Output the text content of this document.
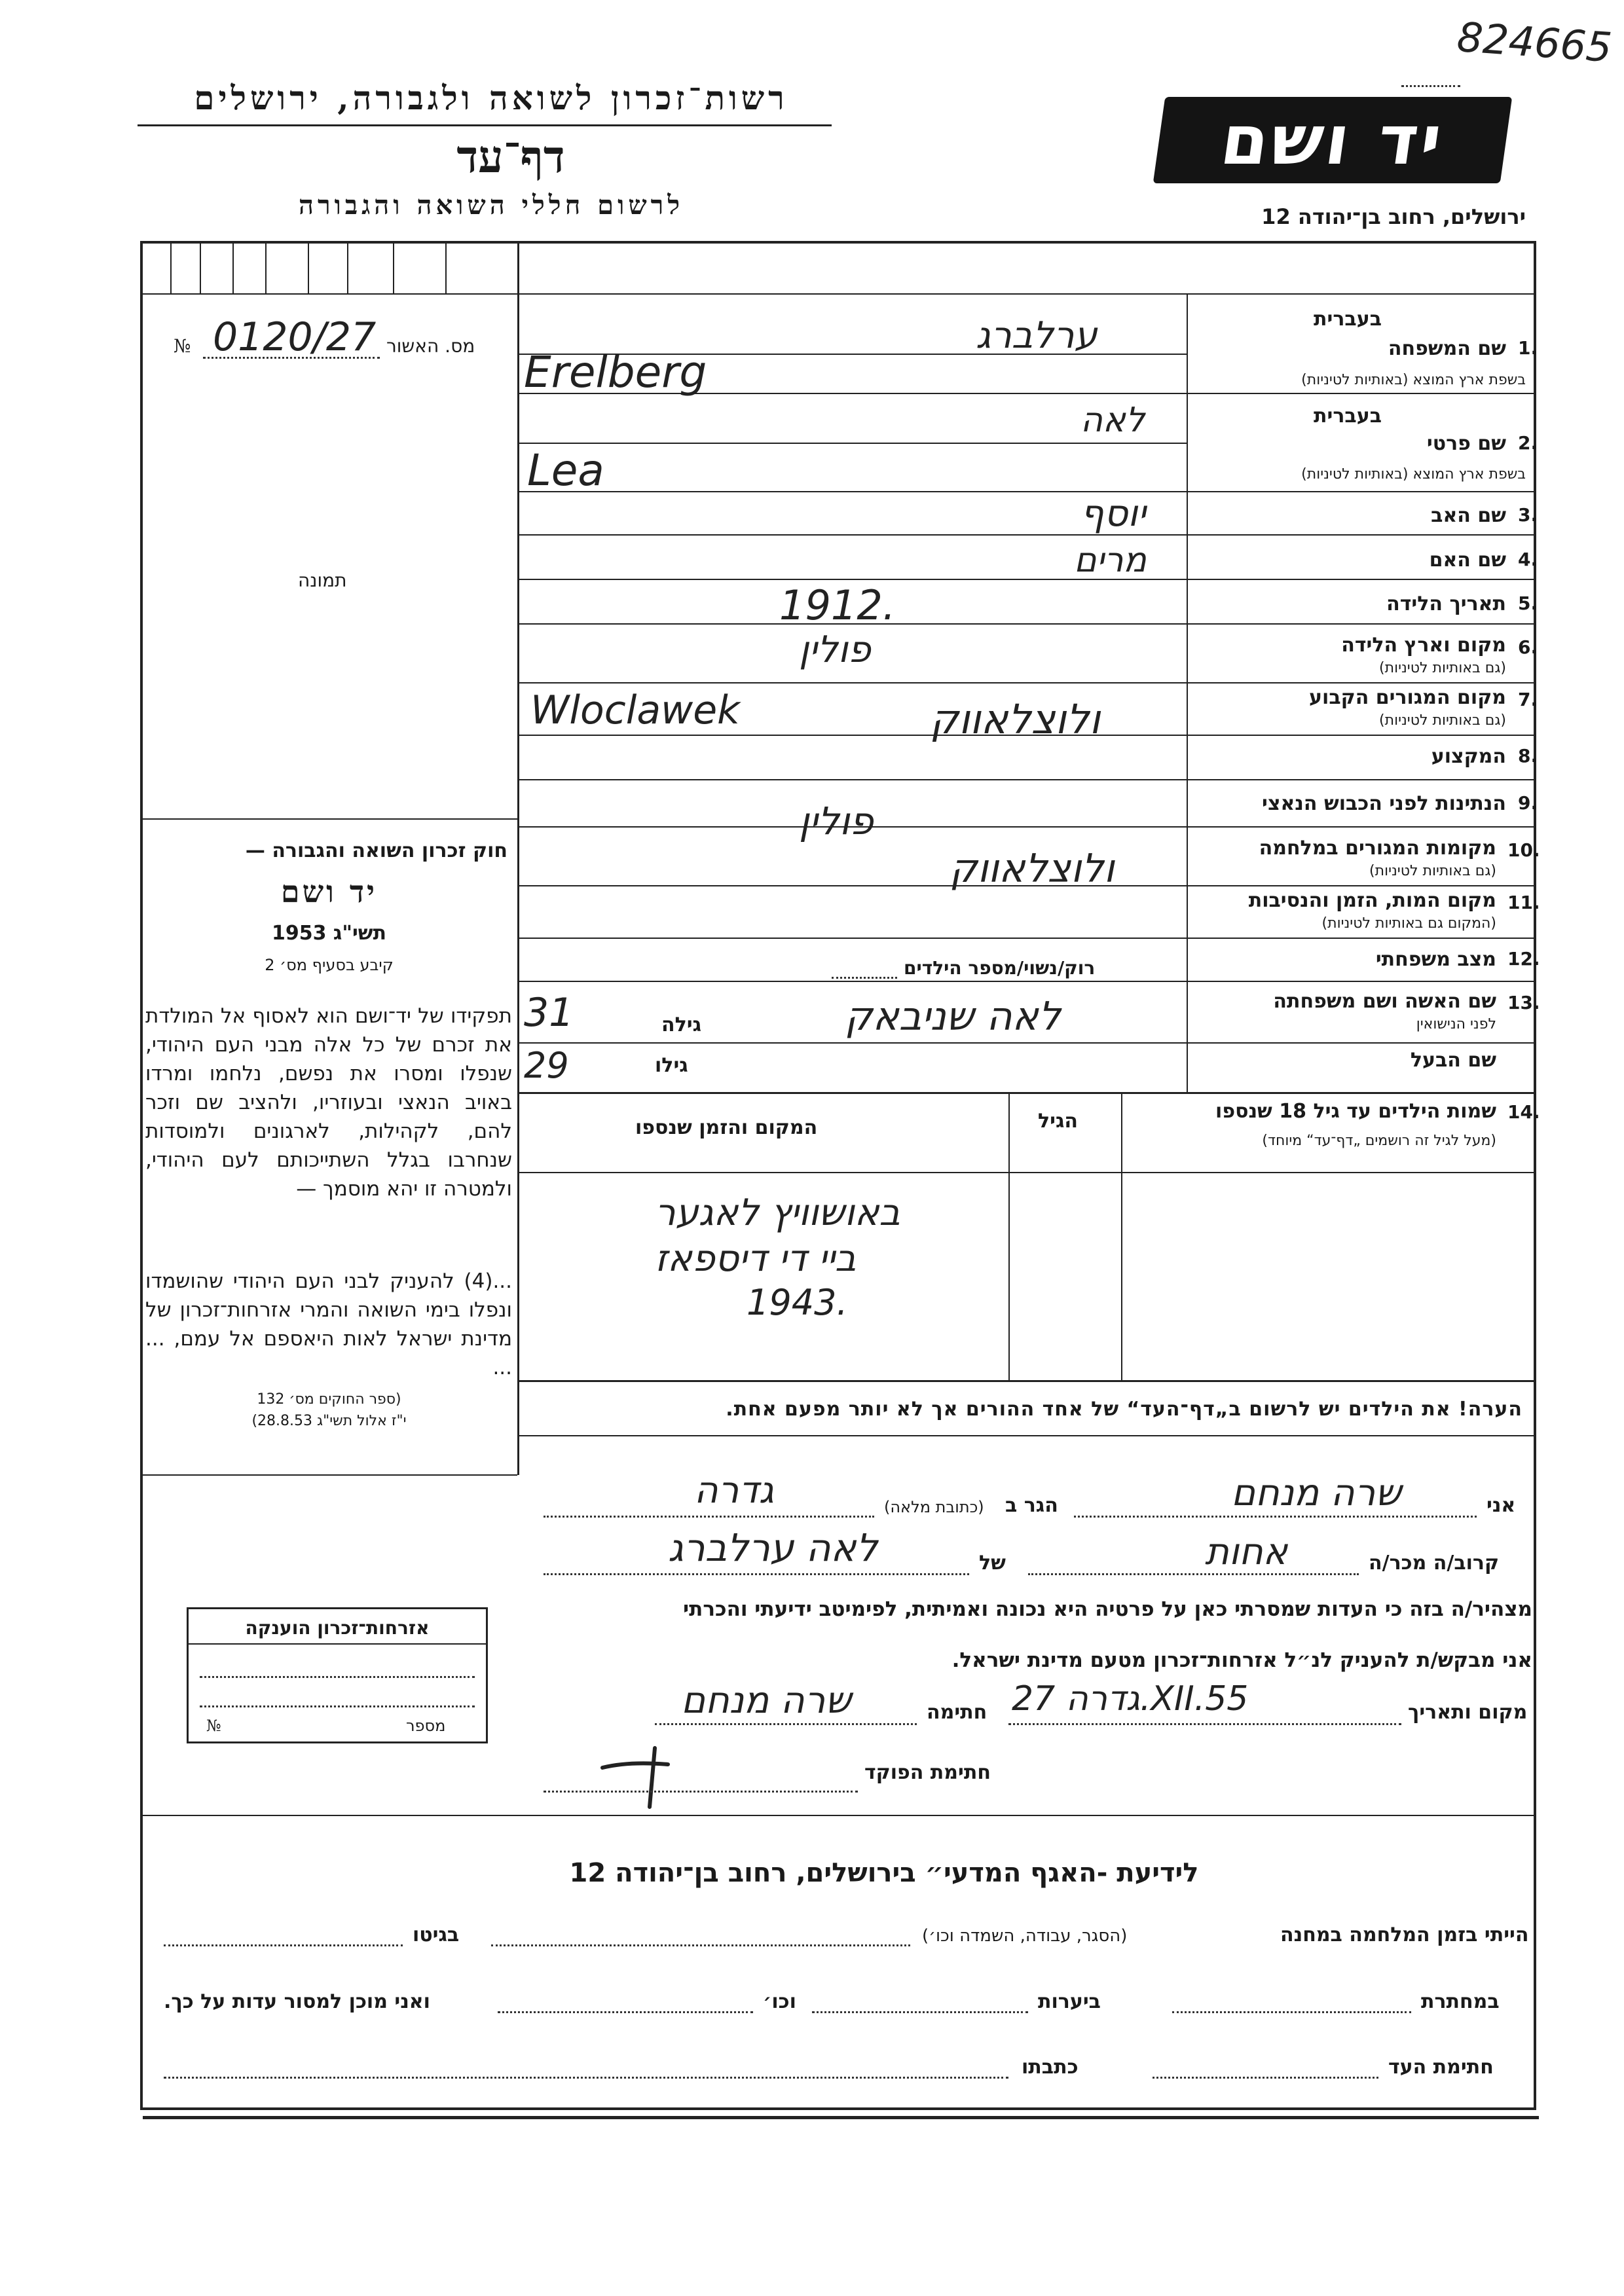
824665
רשות־זכרון לשואה ולגבורה, ירושלים
דף־עד
לרשום חללי השואה והגבורה
יד ושם
ירושלים, רחוב בן־יהודה 12
מס. האשור
0120/27
№
תמונה
חוק זכרון השואה והגבורה —
יד ושם
תשי"ג 1953
קיבע בסעיף מס׳ 2
תפקידו של יד־ושם הוא לאסוף אל המולדת את זכרם של כל אלה מבני העם היהודי, שנפלו ומסרו את נפשם, נלחמו ומרדו באויב הנאצי ובעוזריו, ולהציב שם וזכר להם, לקהילות, לארגונים ולמוסדות שנחרבו בגלל השתייכותם לעם היהודי, ולמטרה זו יהא מוסמך —
...(4) להעניק לבני העם היהודי שהושמדו ונפלו בימי השואה והמרי אזרחות־זכרון של מדינת ישראל לאות היאספם אל עמם, ... ...
(ספר החוקים מס׳ 132
י"ז אלול תשי"ג 28.8.53)
אזרחות־זכרון הוענקה
מספר
№
בעברית
1.
שם המשפחה
בשפת ארץ המוצא (באותיות לטיניות)
בעברית
2.
שם פרטי
בשפת ארץ המוצא (באותיות לטיניות)
3.
שם האב
4.
שם האם
5.
תאריך הלידה
6.
מקום וארץ הלידה
(גם באותיות לטיניות)
7.
מקום המגורים הקבוע
(גם באותיות לטיניות)
8.
המקצוע
9.
הנתינות לפני הכבוש הנאצי
10.
מקומות המגורים במלחמה
(גם באותיות לטיניות)
11.
מקום המות, הזמן והנסיבות
(המקום גם באותיות לטיניות)
12.
מצב משפחתי
13.
שם האשה ושם משפחתה
לפני הנישואין
שם הבעל
ערלברג
Erelberg
לאה
Lea
יוסף
מרים
1912.
פולין
Wloclawek	ולוצלאווק
פולין
ולוצלאווק
רוק/נשוי/מספר הילדים
לאה שניבאק
גילה
31
גילו
29
14.
שמות הילדים עד גיל 18 שנספו
(מעל לגיל זה רושמים „דף־עד“ מיוחד)
הגיל
המקום והזמן שנספו
באושוויץ לאגער
ביי די דיספאז
1943.
הערה! את הילדים יש לרשום ב„דף־העד“ של אחד ההורים אך לא יותר מפעם אחת.
אני
שרה מנחם
הגר ב
(כתובת מלאה)
גדרה
קרוב/ה מכר/ה
אחות
של
לאה ערלברג
מצהיר/ה בזה כי העדות שמסרתי כאן על פרטיה היא נכונה ואמיתית, לפימיטב ידיעתי והכרתי
אני מבקש/ת להעניק לנ״ל אזרחות־זכרון מטעם מדינת ישראל.
מקום ותאריך
גדרה 27.XII.55
חתימה
שרה מנחם
חתימת הפוקד
לידיעת -האגף המדעי״ בירושלים, רחוב בן־יהודה 12
הייתי בזמן המלחמה במחנה
(הסגר, עבודה, השמדה וכו׳)
בגיטו
במחתרת
ביערות
וכו׳
ואני מוכן למסור עדות על כך.
חתימת העד
כתבתו
